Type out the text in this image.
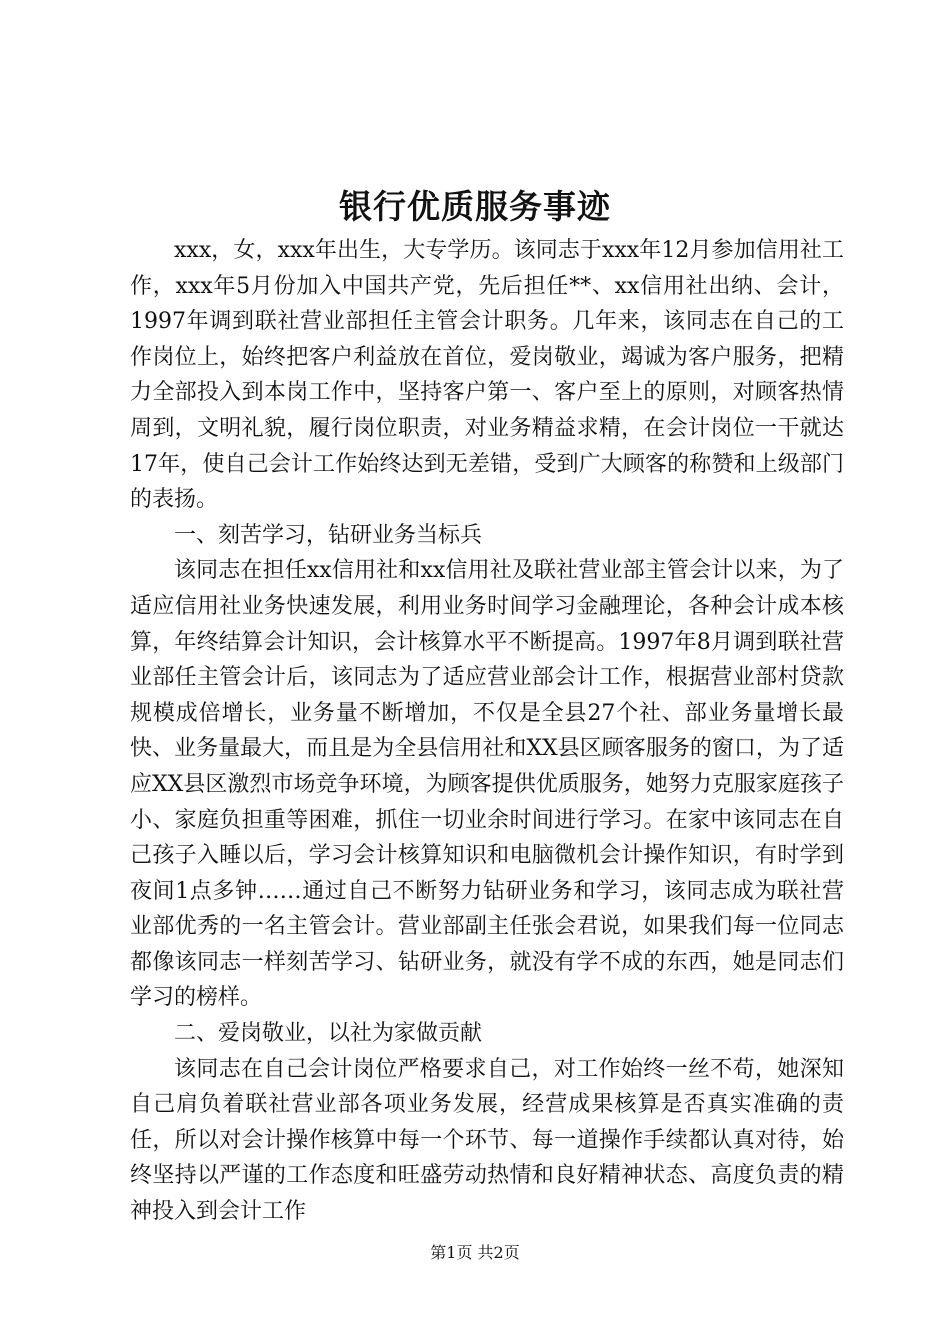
银行优质服务事迹

xxx，女，xxx年出生，大专学历。该同志于xxx年12月参加信用社工作，xxx年5月份加入中国共产党，先后担任**、xx信用社出纳、会计，1997年调到联社营业部担任主管会计职务。几年来，该同志在自己的工作岗位上，始终把客户利益放在首位，爱岗敬业，竭诚为客户服务，把精力全部投入到本岗工作中，坚持客户第一、客户至上的原则，对顾客热情周到，文明礼貌，履行岗位职责，对业务精益求精，在会计岗位一干就达17年，使自己会计工作始终达到无差错，受到广大顾客的称赞和上级部门的表扬。

一、刻苦学习，钻研业务当标兵

该同志在担任xx信用社和xx信用社及联社营业部主管会计以来，为了适应信用社业务快速发展，利用业务时间学习金融理论，各种会计成本核算，年终结算会计知识，会计核算水平不断提高。1997年8月调到联社营业部任主管会计后，该同志为了适应营业部会计工作，根据营业部村贷款规模成倍增长，业务量不断增加，不仅是全县27个社、部业务量增长最快、业务量最大，而且是为全县信用社和XX县区顾客服务的窗口，为了适应XX县区激烈市场竞争环境，为顾客提供优质服务，她努力克服家庭孩子小、家庭负担重等困难，抓住一切业余时间进行学习。在家中该同志在自己孩子入睡以后，学习会计核算知识和电脑微机会计操作知识，有时学到夜间1点多钟……通过自己不断努力钻研业务和学习，该同志成为联社营业部优秀的一名主管会计。营业部副主任张会君说，如果我们每一位同志都像该同志一样刻苦学习、钻研业务，就没有学不成的东西，她是同志们学习的榜样。

二、爱岗敬业，以社为家做贡献

该同志在自己会计岗位严格要求自己，对工作始终一丝不苟，她深知自己肩负着联社营业部各项业务发展，经营成果核算是否真实准确的责任，所以对会计操作核算中每一个环节、每一道操作手续都认真对待，始终坚持以严谨的工作态度和旺盛劳动热情和良好精神状态、高度负责的精神投入到会计工作

第1页 共2页
